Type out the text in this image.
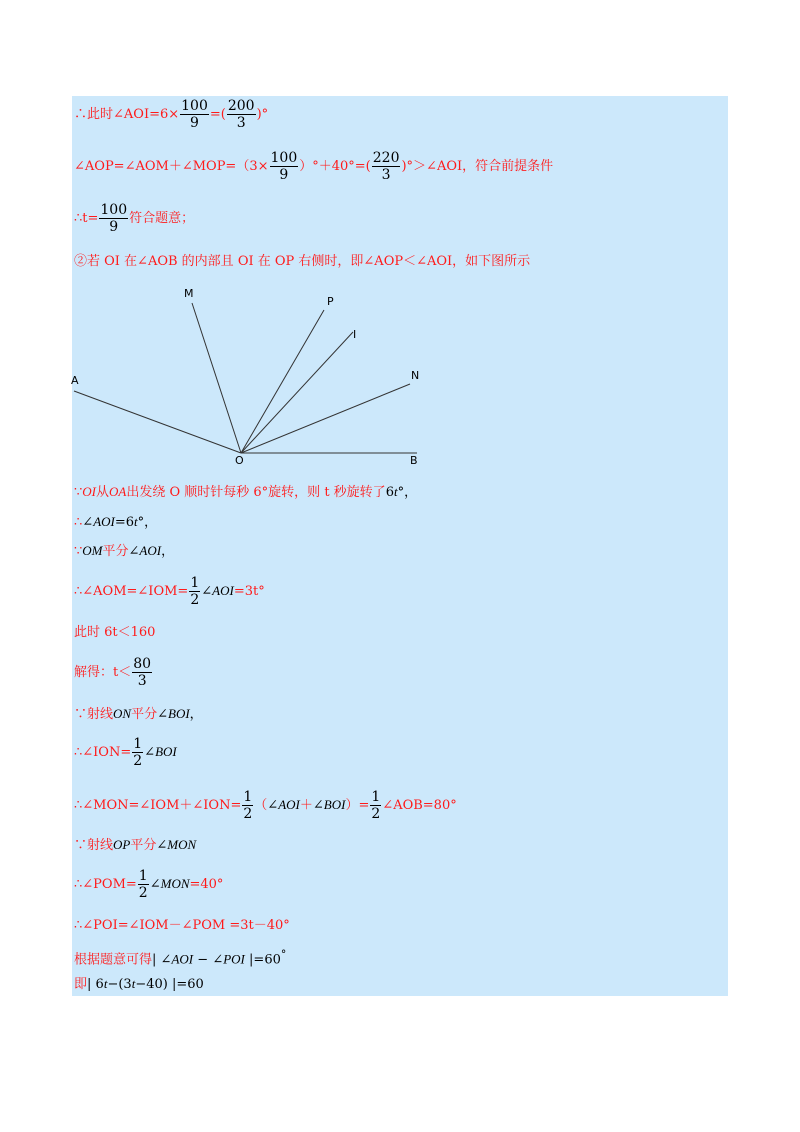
∴此时∠AOI=6× $\frac{100}{9}$ =( $\frac{200}{3}$ )°
∠AOP=∠AOM＋∠MOP=（3× $\frac{100}{9} )^\circ+40^\circ=( \frac{220}{3}$ )°＞∠AOI，符合前提条件
∴t= $\frac{100}{9}$ 符合题意；
②若 OI 在∠AOB 的内部且 OI 在 OP 右侧时，即∠AOP＜∠AOI，如下图所示
A
M
P
I
N
O	B
∵OI从OA出发绕 O 顺时针每秒 6°旋转，则 t 秒旋转了6t°，
∴∠AOI=6t°，
∵OM平分∠AOI，
∴∠AOM=∠IOM= $\frac{1}{2}$ ∠AOI=3t°
此时 6t＜160
解得：$t< \frac{80}{3}$
∵射线ON平分∠BOI，
∴∠ION= $\frac{1}{2}$ ∠BOI
∴∠MON=∠IOM＋∠ION= $\frac{1}{2}$ （∠AOI＋∠BOI）= $\frac{1}{2}$ ∠AOB=80°
∵射线OP平分∠MON
∴∠POM= $\frac{1}{2}$ ∠MON=40°
∴∠POI=∠IOM－∠POM =3t－40°
根据题意可得| ∠AOI − ∠POI |=60°
即| 6t−(3t−40) |=60
